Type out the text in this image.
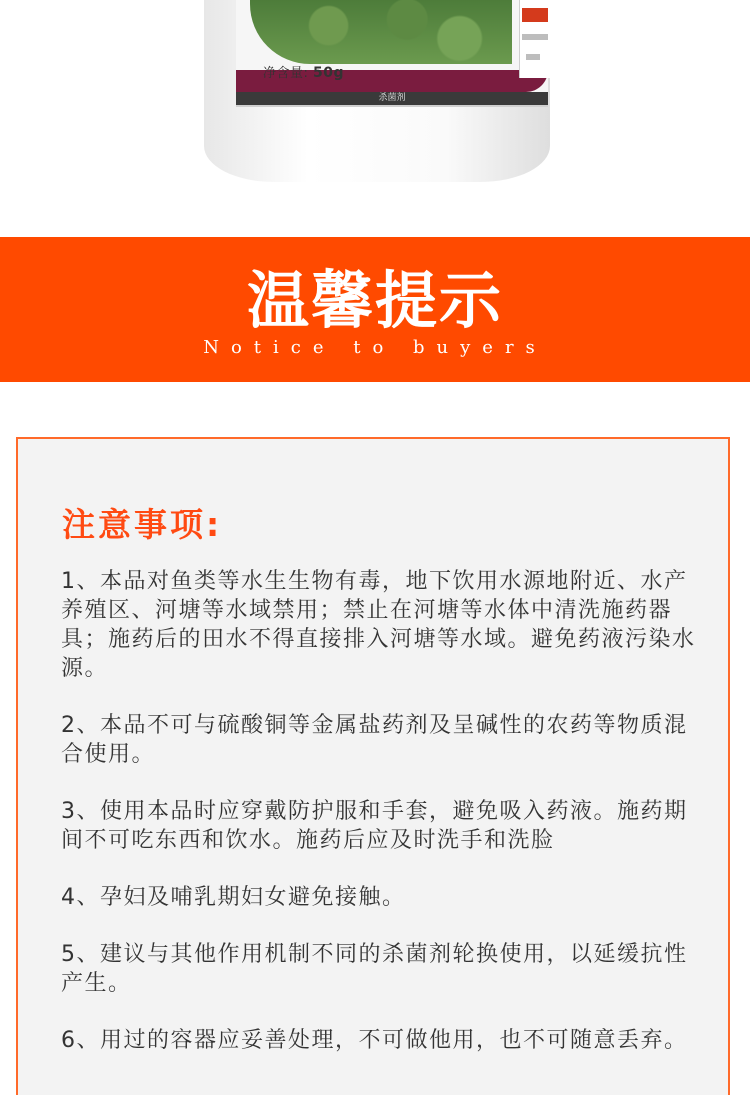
净含量: 50g
杀菌剂
温馨提示
Notice to buyers
注意事项:

1、本品对鱼类等水生生物有毒，地下饮用水源地附近、水产养殖区、河塘等水域禁用；禁止在河塘等水体中清洗施药器具；施药后的田水不得直接排入河塘等水域。避免药液污染水源。

2、本品不可与硫酸铜等金属盐药剂及呈碱性的农药等物质混合使用。

3、使用本品时应穿戴防护服和手套，避免吸入药液。施药期间不可吃东西和饮水。施药后应及时洗手和洗脸

4、孕妇及哺乳期妇女避免接触。

5、建议与其他作用机制不同的杀菌剂轮换使用，以延缓抗性产生。

6、用过的容器应妥善处理，不可做他用，也不可随意丢弃。
